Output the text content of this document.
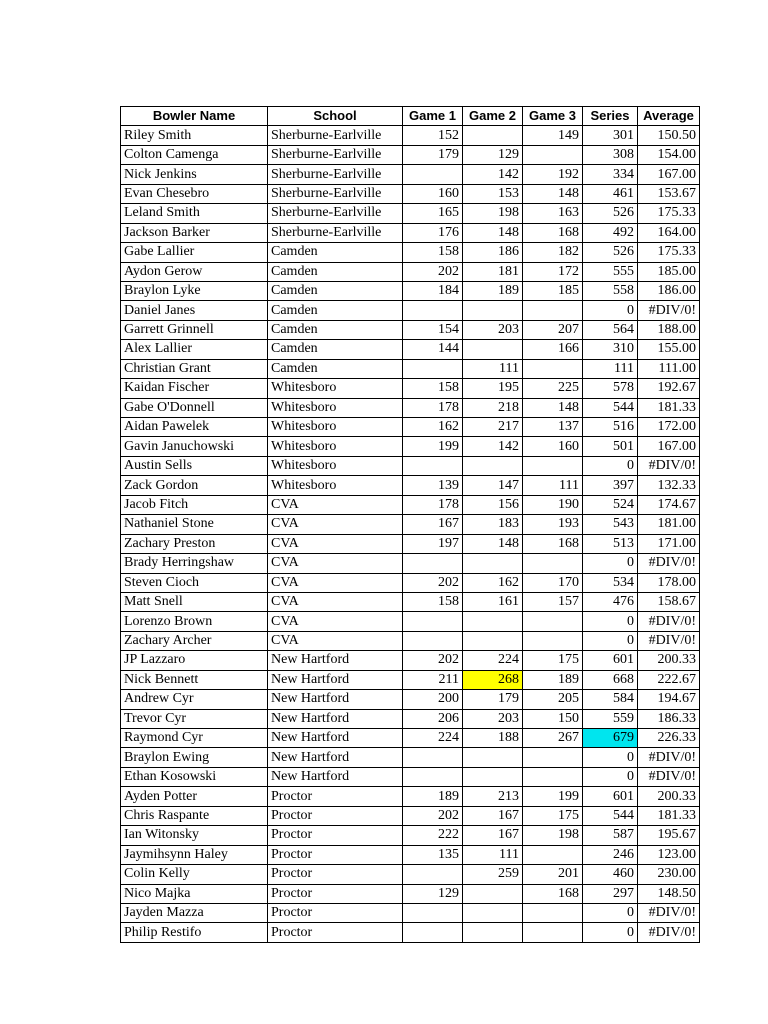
Bowler Name	School	Game 1	Game 2	Game 3	Series	Average
Riley Smith	Sherburne-Earlville	152		149	301	150.50
Colton Camenga	Sherburne-Earlville	179	129		308	154.00
Nick Jenkins	Sherburne-Earlville		142	192	334	167.00
Evan Chesebro	Sherburne-Earlville	160	153	148	461	153.67
Leland Smith	Sherburne-Earlville	165	198	163	526	175.33
Jackson Barker	Sherburne-Earlville	176	148	168	492	164.00
Gabe Lallier	Camden	158	186	182	526	175.33
Aydon Gerow	Camden	202	181	172	555	185.00
Braylon Lyke	Camden	184	189	185	558	186.00
Daniel Janes	Camden				0	#DIV/0!
Garrett Grinnell	Camden	154	203	207	564	188.00
Alex Lallier	Camden	144		166	310	155.00
Christian Grant	Camden		111		111	111.00
Kaidan Fischer	Whitesboro	158	195	225	578	192.67
Gabe O'Donnell	Whitesboro	178	218	148	544	181.33
Aidan Pawelek	Whitesboro	162	217	137	516	172.00
Gavin Januchowski	Whitesboro	199	142	160	501	167.00
Austin Sells	Whitesboro				0	#DIV/0!
Zack Gordon	Whitesboro	139	147	111	397	132.33
Jacob Fitch	CVA	178	156	190	524	174.67
Nathaniel Stone	CVA	167	183	193	543	181.00
Zachary Preston	CVA	197	148	168	513	171.00
Brady Herringshaw	CVA				0	#DIV/0!
Steven Cioch	CVA	202	162	170	534	178.00
Matt Snell	CVA	158	161	157	476	158.67
Lorenzo Brown	CVA				0	#DIV/0!
Zachary Archer	CVA				0	#DIV/0!
JP Lazzaro	New Hartford	202	224	175	601	200.33
Nick Bennett	New Hartford	211	268	189	668	222.67
Andrew Cyr	New Hartford	200	179	205	584	194.67
Trevor Cyr	New Hartford	206	203	150	559	186.33
Raymond Cyr	New Hartford	224	188	267	679	226.33
Braylon Ewing	New Hartford				0	#DIV/0!
Ethan Kosowski	New Hartford				0	#DIV/0!
Ayden Potter	Proctor	189	213	199	601	200.33
Chris Raspante	Proctor	202	167	175	544	181.33
Ian Witonsky	Proctor	222	167	198	587	195.67
Jaymihsynn Haley	Proctor	135	111		246	123.00
Colin Kelly	Proctor		259	201	460	230.00
Nico Majka	Proctor	129		168	297	148.50
Jayden Mazza	Proctor				0	#DIV/0!
Philip Restifo	Proctor				0	#DIV/0!
